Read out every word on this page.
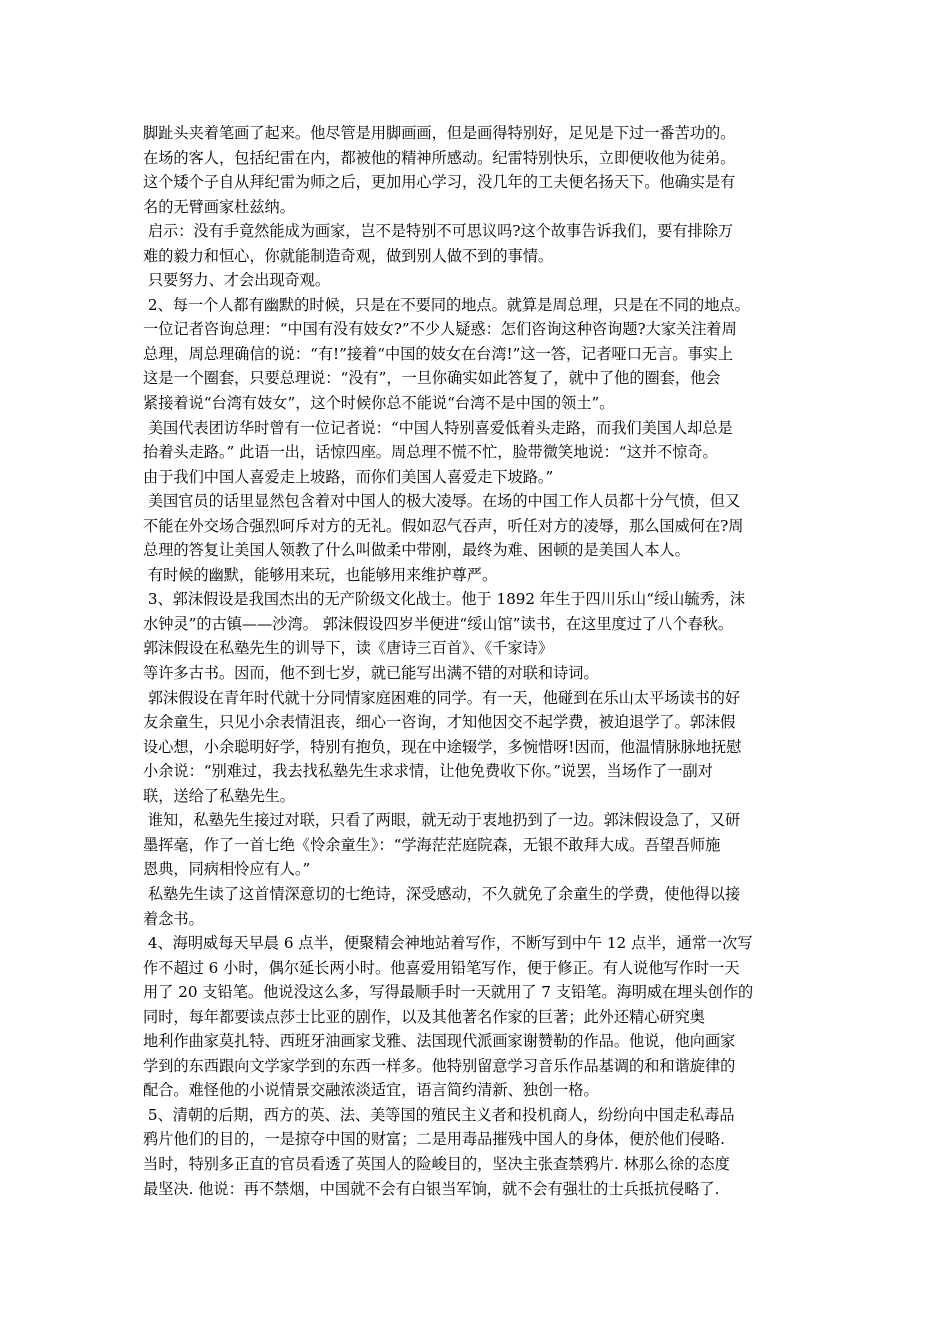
脚趾头夹着笔画了起来。他尽管是用脚画画，但是画得特别好，足见是下过一番苦功的。
在场的客人，包括纪雷在内，都被他的精神所感动。纪雷特别快乐，立即便收他为徒弟。
这个矮个子自从拜纪雷为师之后，更加用心学习，没几年的工夫便名扬天下。他确实是有
名的无臂画家杜兹纳。
启示：没有手竟然能成为画家，岂不是特别不可思议吗?这个故事告诉我们，要有排除万
难的毅力和恒心，你就能制造奇观，做到别人做不到的事情。
只要努力、才会出现奇观。
2、每一个人都有幽默的时候，只是在不要同的地点。就算是周总理，只是在不同的地点。
一位记者咨询总理：“中国有没有妓女?”不少人疑惑：怎们咨询这种咨询题?大家关注着周
总理，周总理确信的说：“有!”接着“中国的妓女在台湾!”这一答，记者哑口无言。事实上
这是一个圈套，只要总理说：“没有”，一旦你确实如此答复了，就中了他的圈套，他会
紧接着说“台湾有妓女”，这个时候你总不能说“台湾不是中国的领土”。
美国代表团访华时曾有一位记者说：“中国人特别喜爱低着头走路，而我们美国人却总是
抬着头走路。” 此语一出，话惊四座。周总理不慌不忙，脸带微笑地说：“这并不惊奇。
由于我们中国人喜爱走上坡路，而你们美国人喜爱走下坡路。”
美国官员的话里显然包含着对中国人的极大凌辱。在场的中国工作人员都十分气愤，但又
不能在外交场合强烈呵斥对方的无礼。假如忍气吞声，听任对方的凌辱，那么国威何在?周
总理的答复让美国人领教了什么叫做柔中带刚，最终为难、困顿的是美国人本人。
有时候的幽默，能够用来玩，也能够用来维护尊严。
3、郭沫假设是我国杰出的无产阶级文化战士。他于 1892 年生于四川乐山“绥山毓秀，沫
水钟灵”的古镇——沙湾。 郭沫假设四岁半便进“绥山馆”读书，在这里度过了八个春秋。
郭沫假设在私塾先生的训导下，读《唐诗三百首》、《千家诗》
等许多古书。因而，他不到七岁，就已能写出满不错的对联和诗词。
郭沫假设在青年时代就十分同情家庭困难的同学。有一天，他碰到在乐山太平场读书的好
友余童生，只见小余表情沮丧，细心一咨询，才知他因交不起学费，被迫退学了。郭沫假
设心想，小余聪明好学，特别有抱负，现在中途辍学，多惋惜呀!因而，他温情脉脉地抚慰
小余说：“别难过，我去找私塾先生求求情，让他免费收下你。”说罢，当场作了一副对
联，送给了私塾先生。
谁知，私塾先生接过对联，只看了两眼，就无动于衷地扔到了一边。郭沫假设急了，又研
墨挥毫，作了一首七绝《怜余童生》：“学海茫茫庭院森，无银不敢拜大成。吾望吾师施
恩典，同病相怜应有人。”
私塾先生读了这首情深意切的七绝诗，深受感动，不久就免了余童生的学费，使他得以接
着念书。
4、海明威每天早晨 6 点半，便聚精会神地站着写作，不断写到中午 12 点半，通常一次写
作不超过 6 小时，偶尔延长两小时。他喜爱用铅笔写作，便于修正。有人说他写作时一天
用了 20 支铅笔。他说没这么多，写得最顺手时一天就用了 7 支铅笔。海明威在埋头创作的
同时，每年都要读点莎士比亚的剧作，以及其他著名作家的巨著；此外还精心研究奥
地利作曲家莫扎特、西班牙油画家戈雅、法国现代派画家谢赞勒的作品。他说，他向画家
学到的东西跟向文学家学到的东西一样多。他特别留意学习音乐作品基调的和和谐旋律的
配合。难怪他的小说情景交融浓淡适宜，语言简约清新、独创一格。
5、清朝的后期，西方的英、法、美等国的殖民主义者和投机商人，纷纷向中国走私毒品
鸦片他们的目的，一是掠夺中国的财富；二是用毒品摧残中国人的身体，便於他们侵略.
当时，特别多正直的官员看透了英国人的险峻目的，坚决主张查禁鸦片. 林那么徐的态度
最坚决. 他说：再不禁烟，中国就不会有白银当军饷，就不会有强壮的士兵抵抗侵略了.
